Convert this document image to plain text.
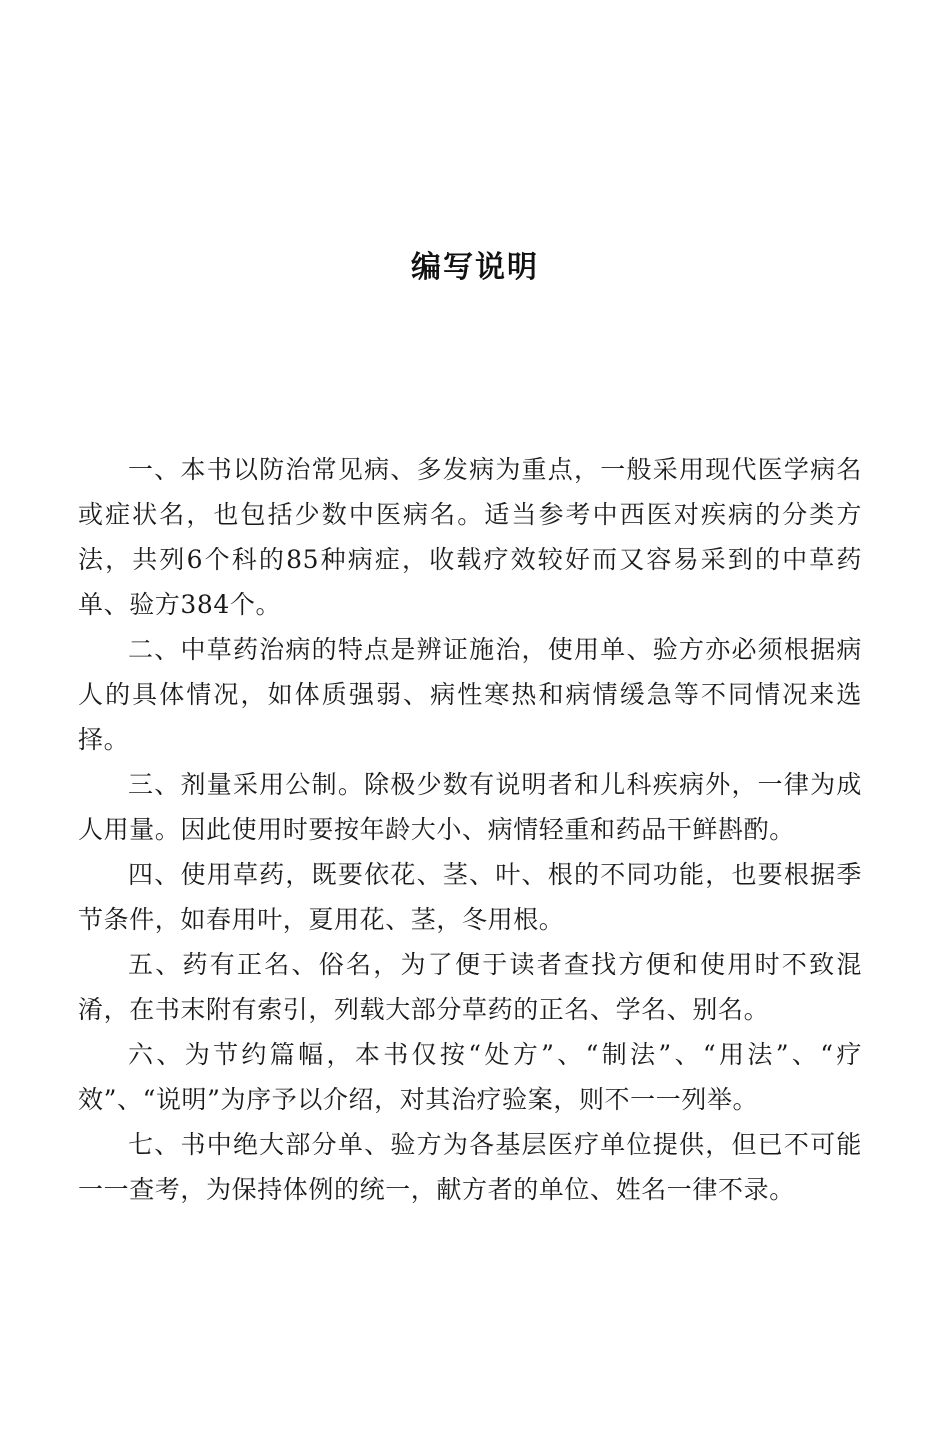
编写说明

一、本书以防治常见病、多发病为重点，一般采用现代医学病名或症状名，也包括少数中医病名。适当参考中西医对疾病的分类方法，共列6个科的85种病症，收载疗效较好而又容易采到的中草药单、验方384个。

二、中草药治病的特点是辨证施治，使用单、验方亦必须根据病人的具体情况，如体质强弱、病性寒热和病情缓急等不同情况来选择。

三、剂量采用公制。除极少数有说明者和儿科疾病外，一律为成人用量。因此使用时要按年龄大小、病情轻重和药品干鲜斟酌。

四、使用草药，既要依花、茎、叶、根的不同功能，也要根据季节条件，如春用叶，夏用花、茎，冬用根。

五、药有正名、俗名，为了便于读者查找方便和使用时不致混淆，在书末附有索引，列载大部分草药的正名、学名、别名。

六、为节约篇幅，本书仅按“处方”、“制法”、“用法”、“疗效”、“说明”为序予以介绍，对其治疗验案，则不一一列举。

七、书中绝大部分单、验方为各基层医疗单位提供，但已不可能一一查考，为保持体例的统一，献方者的单位、姓名一律不录。
